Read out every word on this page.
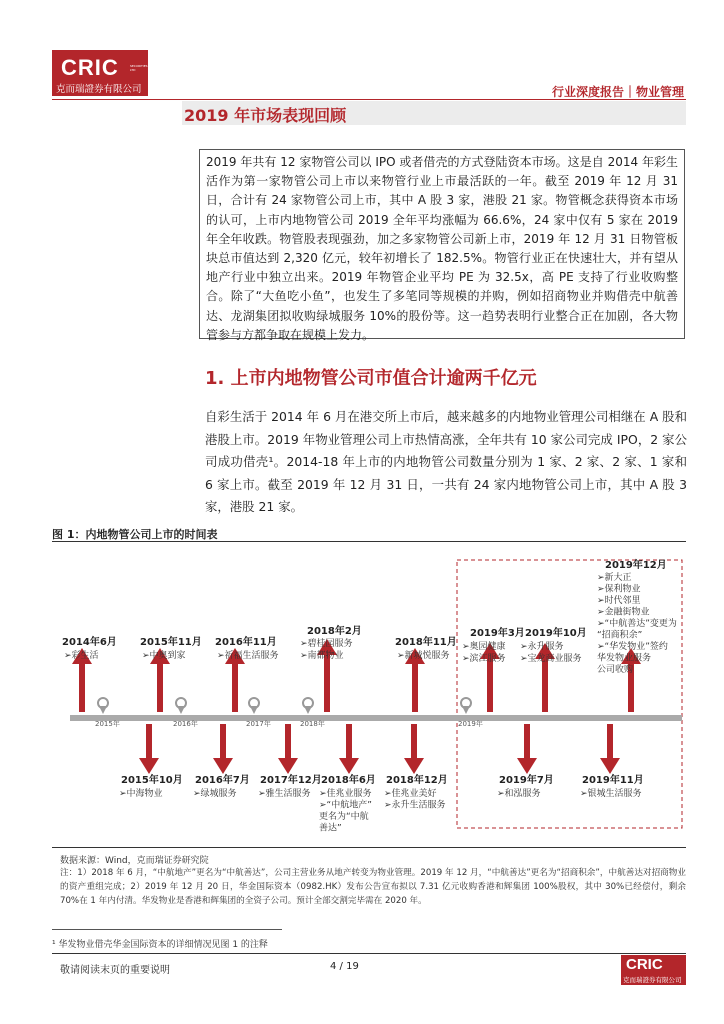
CRIC	SECURITIES LTD
克而瑞證券有限公司	行业深度报告｜物业管理
2019 年市场表现回顾
2019 年共有 12 家物管公司以 IPO 或者借壳的方式登陆资本市场。这是自 2014 年彩生活作为第一家物管公司上市以来物管行业上市最活跃的一年。截至 2019 年 12 月 31 日，合计有 24 家物管公司上市，其中 A 股 3 家，港股 21 家。物管概念获得资本市场的认可，上市内地物管公司 2019 全年平均涨幅为 66.6%，24 家中仅有 5 家在 2019 年全年收跌。物管股表现强劲，加之多家物管公司新上市，2019 年 12 月 31 日物管板块总市值达到 2,320 亿元，较年初增长了 182.5%。物管行业正在快速壮大，并有望从地产行业中独立出来。2019 年物管企业平均 PE 为 32.5x，高 PE 支持了行业收购整合。除了“大鱼吃小鱼”，也发生了多笔同等规模的并购，例如招商物业并购借壳中航善达、龙湖集团拟收购绿城服务 10%的股份等。这一趋势表明行业整合正在加剧，各大物管参与方都争取在规模上发力。
1. 上市内地物管公司市值合计逾两千亿元
自彩生活于 2014 年 6 月在港交所上市后，越来越多的内地物业管理公司相继在 A 股和港股上市。2019 年物业管理公司上市热情高涨，全年共有 10 家公司完成 IPO，2 家公司成功借壳¹。2014-18 年上市的内地物管公司数量分别为 1 家、2 家、2 家、1 家和 6 家上市。截至 2019 年 12 月 31 日，一共有 24 家内地物管公司上市，其中 A 股 3 家，港股 21 家。
图 1：内地物管公司上市的时间表
2015年	2016年	2017年	2018年	2019年
2014年6月
➢彩生活
2015年11月
➢中奥到家
2016年11月
➢祈福生活服务
2018年2月
➢碧桂园服务
➢南都物业
2018年11月
➢新城悦服务
2019年3月
➢奥园健康
➢滨江服务
2019年10月
➢永升服务
➢宝龙商业服务
2019年12月
➢新大正
➢保利物业
➢时代邻里
➢金融街物业
➢“中航善达”变更为
“招商积余”
➢“华发物业”签约
华发物业服务
公司收购
2015年10月
➢中海物业
2016年7月
➢绿城服务
2017年12月
➢雅生活服务
2018年6月
➢佳兆业服务
➢“中航地产”
更名为“中航
善达”
2018年12月
➢佳兆业美好
➢永升生活服务
2019年7月
➢和泓服务
2019年11月
➢银城生活服务
数据来源：Wind，克而瑞证券研究院
注：1）2018 年 6 月，“中航地产”更名为“中航善达”，公司主营业务从地产转变为物业管理。2019 年 12 月，“中航善达”更名为“招商积余”，中航善达对招商物业的资产重组完成；2）2019 年 12 月 20 日，华金国际资本（0982.HK）发布公告宣布拟以 7.31 亿元收购香港和辉集团 100%股权，其中 30%已经偿付，剩余 70%在 1 年内付清。华发物业是香港和辉集团的全资子公司。预计全部交割完毕需在 2020 年。
¹ 华发物业借壳华金国际资本的详细情况见图 1 的注释
敬请阅读末页的重要说明	4 / 19	CRIC
克而瑞證券有限公司
